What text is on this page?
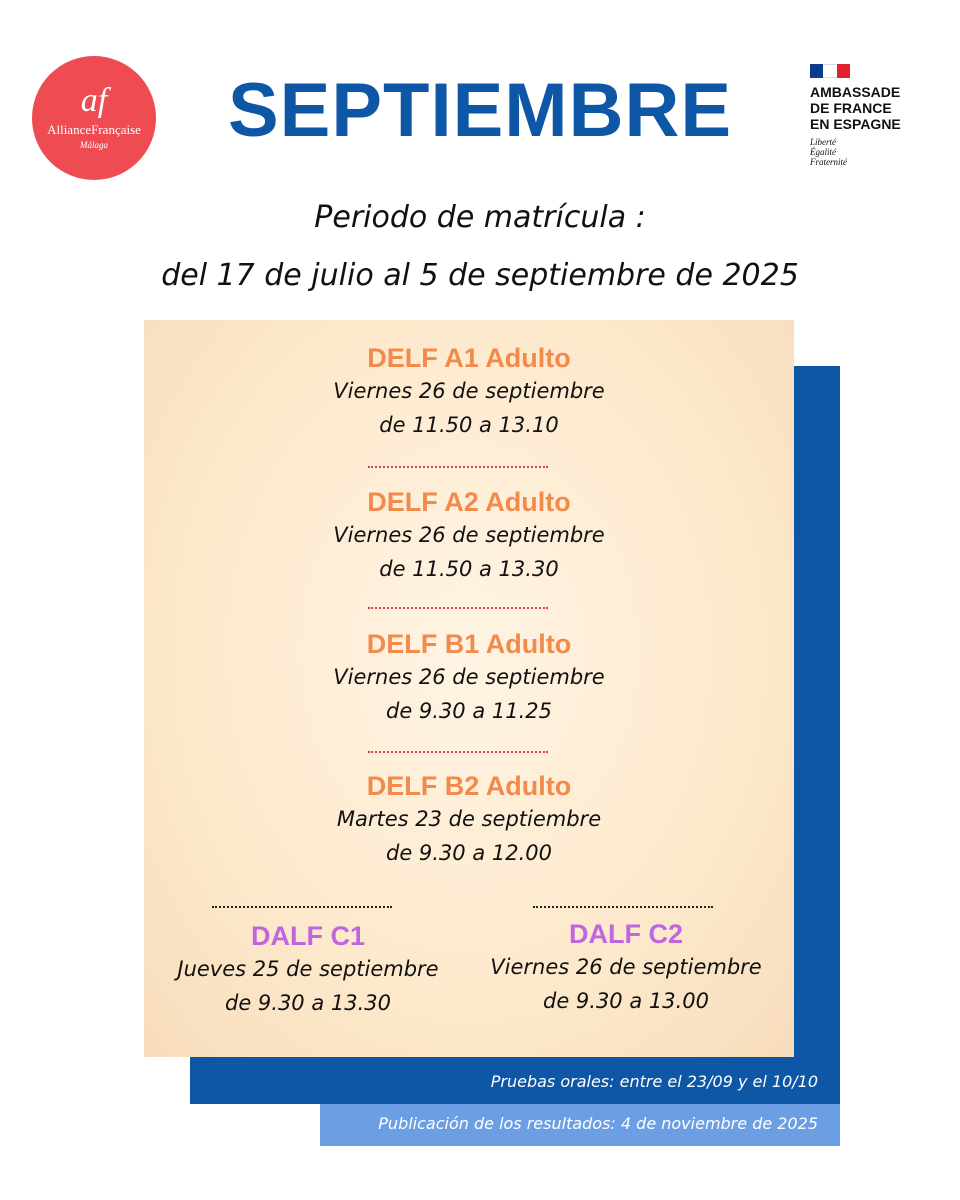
af
AllianceFrançaise
Málaga	SEPTIEMBRE	AMBASSADE
DE FRANCE
EN ESPAGNE
Liberté
Égalité
Fraternité
Periodo de matrícula :
del 17 de julio al 5 de septiembre de 2025
DELF A1 Adulto
Viernes 26 de septiembre
de 11.50 a 13.10
DELF A2 Adulto
Viernes 26 de septiembre
de 11.50 a 13.30
DELF B1 Adulto
Viernes 26 de septiembre
de 9.30 a 11.25
DELF B2 Adulto
Martes 23 de septiembre
de 9.30 a 12.00
DALF C1
Jueves 25 de septiembre
de 9.30 a 13.30
DALF C2
Viernes 26 de septiembre
de 9.30 a 13.00
Pruebas orales: entre el 23/09 y el 10/10
Publicación de los resultados: 4 de noviembre de 2025
